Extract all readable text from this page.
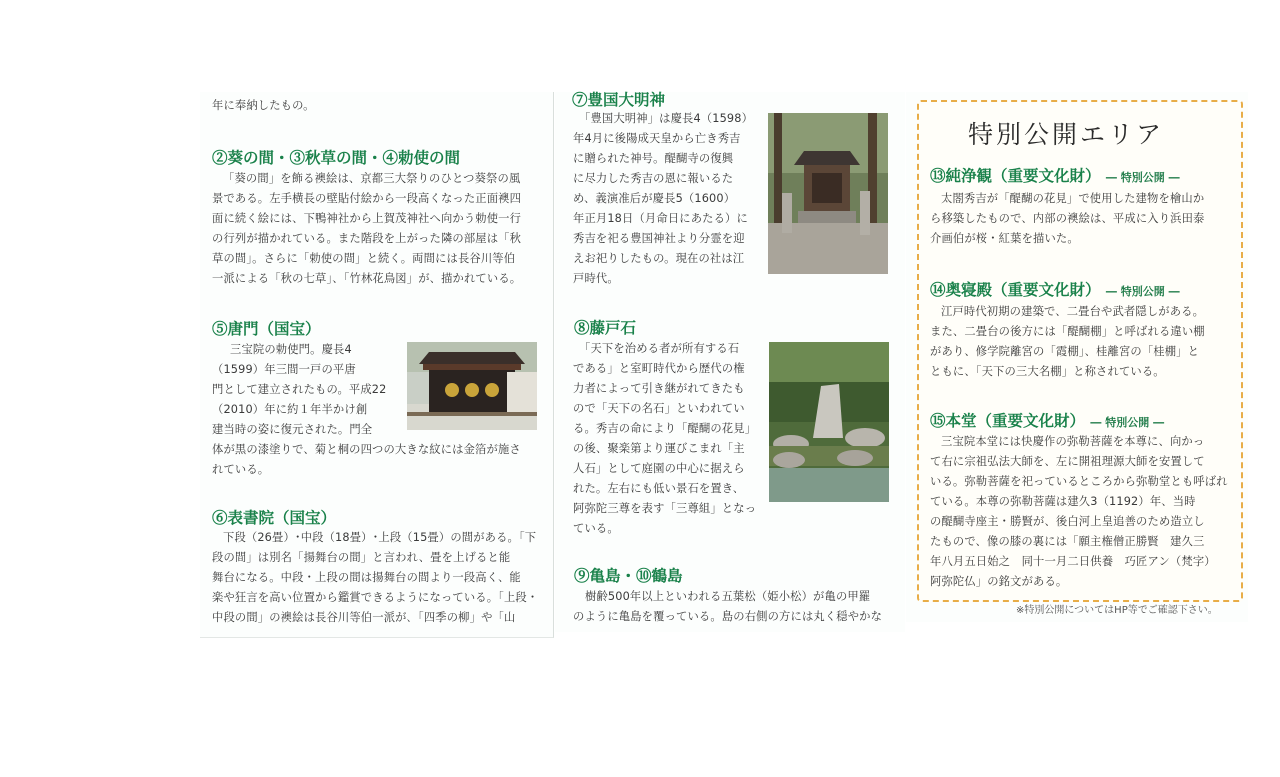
年に奉納したもの。
②葵の間・③秋草の間・④勅使の間
「葵の間」を飾る襖絵は、京都三大祭りのひとつ葵祭の風
景である。左手横長の壁貼付絵から一段高くなった正面襖四
面に続く絵には、下鴨神社から上賀茂神社へ向かう勅使一行
の行列が描かれている。また階段を上がった隣の部屋は「秋
草の間」。さらに「勅使の間」と続く。両間には長谷川等伯
一派による「秋の七草」、「竹林花鳥図」が、描かれている。
⑤唐門（国宝）
三宝院の勅使門。慶長4
（1599）年三間一戸の平唐
門として建立されたもの。平成22
（2010）年に約１年半かけ創
建当時の姿に復元された。門全
体が黒の漆塗りで、菊と桐の四つの大きな紋には金箔が施さ
れている。
⑥表書院（国宝）
下段（26畳）･中段（18畳）･上段（15畳）の間がある。「下
段の間」は別名「揚舞台の間」と言われ、畳を上げると能
舞台になる。中段・上段の間は揚舞台の間より一段高く、能
楽や狂言を高い位置から鑑賞できるようになっている。「上段・
中段の間」の襖絵は長谷川等伯一派が､「四季の柳」や「山
⑦豊国大明神
「豊国大明神」は慶長4（1598）
年4月に後陽成天皇から亡き秀吉
に贈られた神号。醍醐寺の復興
に尽力した秀吉の恩に報いるた
め、義演准后が慶長5（1600）
年正月18日（月命日にあたる）に
秀吉を祀る豊国神社より分霊を迎
えお祀りしたもの。現在の社は江
戸時代。
⑧藤戸石
「天下を治める者が所有する石
である」と室町時代から歴代の権
力者によって引き継がれてきたも
ので「天下の名石」といわれてい
る。秀吉の命により「醍醐の花見」
の後、聚楽第より運びこまれ「主
人石」として庭園の中心に据えら
れた。左右にも低い景石を置き、
阿弥陀三尊を表す「三尊組」となっ
ている。
⑨亀島・⑩鶴島
樹齢500年以上といわれる五葉松（姫小松）が亀の甲羅
のように亀島を覆っている。島の右側の方には丸く穏やかな
特別公開エリア
⑬純浄観（重要文化財） ― 特別公開 ―
太閤秀吉が「醍醐の花見」で使用した建物を檜山か
ら移築したもので、内部の襖絵は、平成に入り浜田泰
介画伯が桜・紅葉を描いた。
⑭奥寝殿（重要文化財） ― 特別公開 ―
江戸時代初期の建築で、二畳台や武者隠しがある。
また、二畳台の後方には「醍醐棚」と呼ばれる違い棚
があり、修学院離宮の「霞棚」、桂離宮の「桂棚」と
ともに、「天下の三大名棚」と称されている。
⑮本堂（重要文化財） ― 特別公開 ―
三宝院本堂には快慶作の弥勒菩薩を本尊に、向かっ
て右に宗祖弘法大師を、左に開祖理源大師を安置して
いる。弥勒菩薩を祀っているところから弥勒堂とも呼ばれ
ている。本尊の弥勒菩薩は建久3（1192）年、当時
の醍醐寺座主・勝賢が、後白河上皇追善のため造立し
たもので、像の膝の裏には「願主権僧正勝賢　建久三
年八月五日始之　同十一月二日供養　巧匠アン（梵字）
阿弥陀仏」の銘文がある。
※特別公開についてはHP等でご確認下さい。
